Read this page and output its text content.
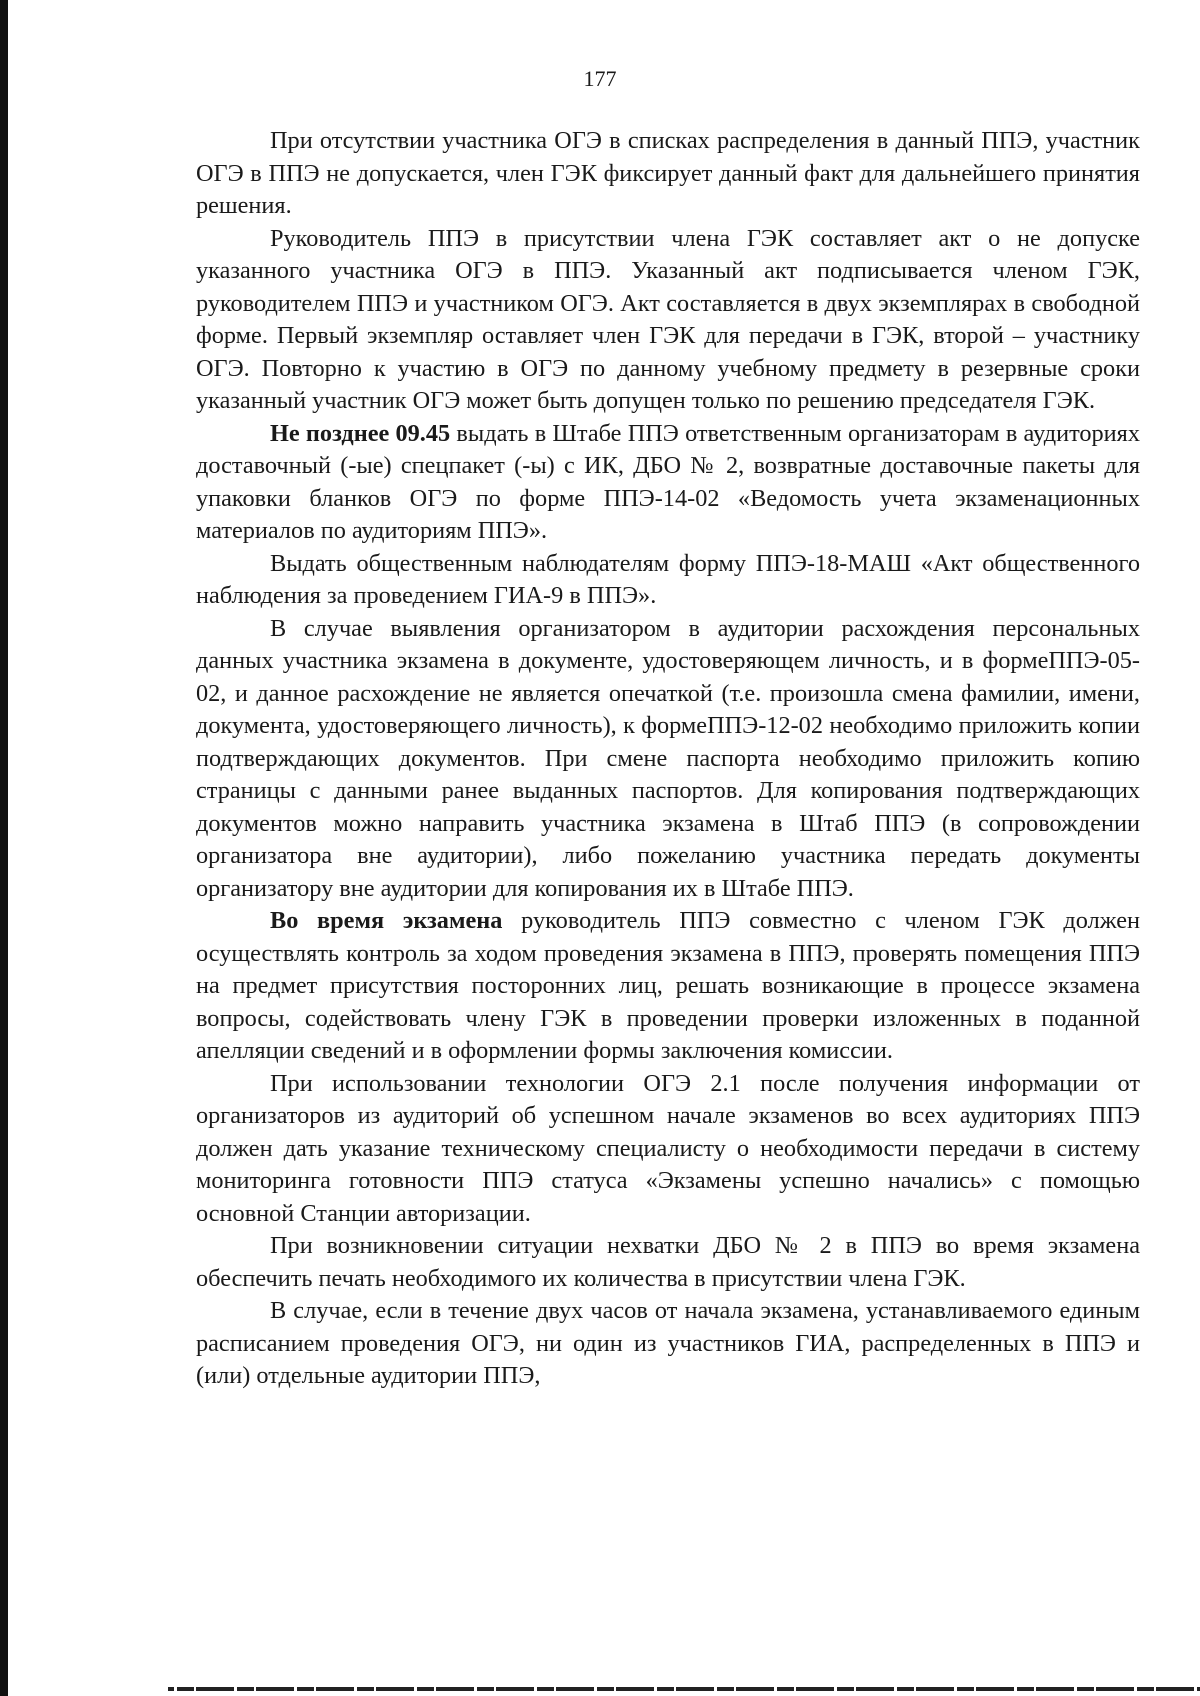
177

При отсутствии участника ОГЭ в списках распределения в данный ППЭ, участник ОГЭ в ППЭ не допускается, член ГЭК фиксирует данный факт для дальнейшего принятия решения.

Руководитель ППЭ в присутствии члена ГЭК составляет акт о не допуске указанного участника ОГЭ в ППЭ. Указанный акт подписывается членом ГЭК, руководителем ППЭ и участником ОГЭ. Акт составляется в двух экземплярах в свободной форме. Первый экземпляр оставляет член ГЭК для передачи в ГЭК, второй – участнику ОГЭ. Повторно к участию в ОГЭ по данному учебному предмету в резервные сроки указанный участник ОГЭ может быть допущен только по решению председателя ГЭК.

Не позднее 09.45 выдать в Штабе ППЭ ответственным организаторам в аудиториях доставочный (-ые) спецпакет (-ы) с ИК, ДБО № 2, возвратные доставочные пакеты для упаковки бланков ОГЭ по форме ППЭ-14-02 «Ведомость учета экзаменационных материалов по аудиториям ППЭ».

Выдать общественным наблюдателям форму ППЭ-18-МАШ «Акт общественного наблюдения за проведением ГИА-9 в ППЭ».

В случае выявления организатором в аудитории расхождения персональных данных участника экзамена в документе, удостоверяющем личность, и в формеППЭ-05-02, и данное расхождение не является опечаткой (т.е. произошла смена фамилии, имени, документа, удостоверяющего личность), к формеППЭ-12-02 необходимо приложить копии подтверждающих документов. При смене паспорта необходимо приложить копию страницы с данными ранее выданных паспортов. Для копирования подтверждающих документов можно направить участника экзамена в Штаб ППЭ (в сопровождении организатора вне аудитории), либо пожеланию участника передать документы организатору вне аудитории для копирования их в Штабе ППЭ.

Во время экзамена руководитель ППЭ совместно с членом ГЭК должен осуществлять контроль за ходом проведения экзамена в ППЭ, проверять помещения ППЭ на предмет присутствия посторонних лиц, решать возникающие в процессе экзамена вопросы, содействовать члену ГЭК в проведении проверки изложенных в поданной апелляции сведений и в оформлении формы заключения комиссии.

При использовании технологии ОГЭ 2.1 после получения информации от организаторов из аудиторий об успешном начале экзаменов во всех аудиториях ППЭ должен дать указание техническому специалисту о необходимости передачи в систему мониторинга готовности ППЭ статуса «Экзамены успешно начались» с помощью основной Станции авторизации.

При возникновении ситуации нехватки ДБО № 2 в ППЭ во время экзамена обеспечить печать необходимого их количества в присутствии члена ГЭК.

В случае, если в течение двух часов от начала экзамена, устанавливаемого единым расписанием проведения ОГЭ, ни один из участников ГИА, распределенных в ППЭ и (или) отдельные аудитории ППЭ,
